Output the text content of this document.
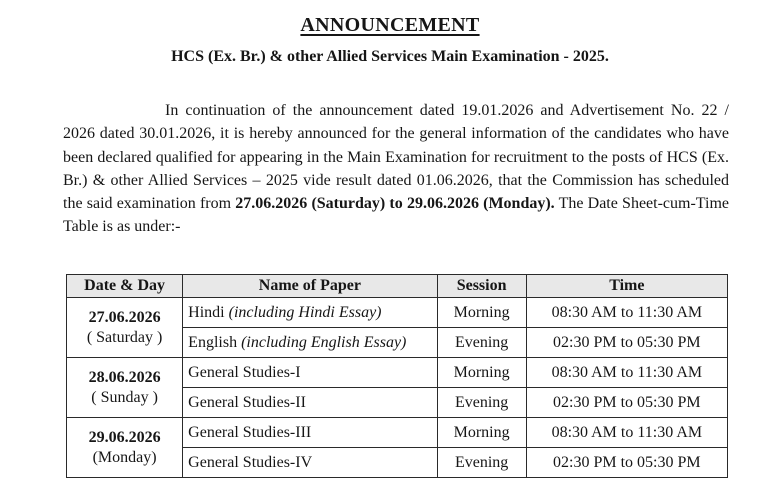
ANNOUNCEMENT
HCS (Ex. Br.) & other Allied Services Main Examination - 2025.
In continuation of the announcement dated 19.01.2026 and Advertisement No. 22 / 2026 dated 30.01.2026, it is hereby announced for the general information of the candidates who have been declared qualified for appearing in the Main Examination for recruitment to the posts of HCS (Ex. Br.) & other Allied Services – 2025 vide result dated 01.06.2026, that the Commission has scheduled the said examination from 27.06.2026 (Saturday) to 29.06.2026 (Monday). The Date Sheet-cum-Time Table is as under:-
Date & Day	Name of Paper	Session	Time

27.06.2026
( Saturday )	Hindi (including Hindi Essay)	Morning	08:30 AM to 11:30 AM
	English (including English Essay)	Evening	02:30 PM to 05:30 PM

28.06.2026
( Sunday )	General Studies-I	Morning	08:30 AM to 11:30 AM
	General Studies-II	Evening	02:30 PM to 05:30 PM

29.06.2026
(Monday)	General Studies-III	Morning	08:30 AM to 11:30 AM
	General Studies-IV	Evening	02:30 PM to 05:30 PM
